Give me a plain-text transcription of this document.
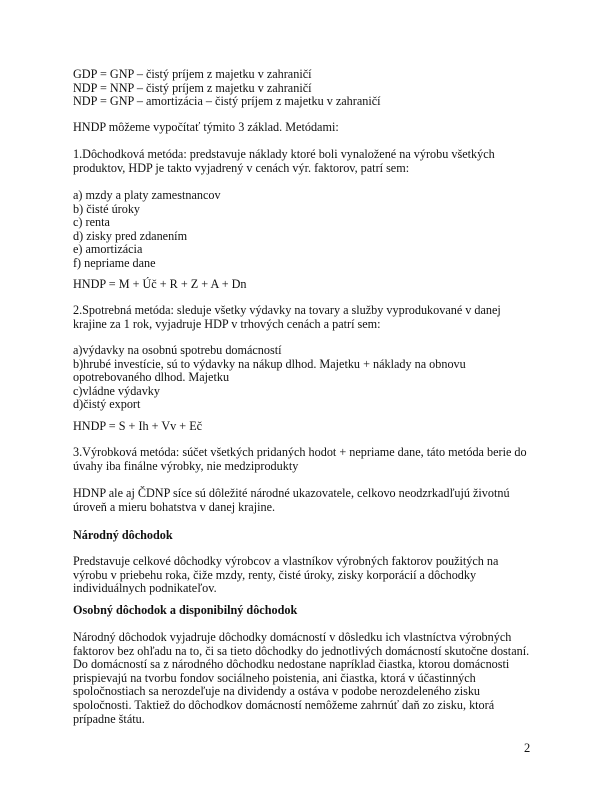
GDP = GNP – čistý príjem z majetku v zahraničí
NDP = NNP – čistý príjem z majetku v zahraničí
NDP = GNP – amortizácia – čistý príjem z majetku v zahraničí

HNDP môžeme vypočítať týmito 3 základ. Metódami:

1.Dôchodková metóda: predstavuje náklady ktoré boli vynaložené na výrobu všetkých
produktov, HDP je takto vyjadrený v cenách výr. faktorov, patrí sem:
a) mzdy a platy zamestnancov
b) čisté úroky
c) renta
d) zisky pred zdanením
e) amortizácia
f) nepriame dane

HNDP = M + Úč + R + Z + A + Dn

2.Spotrebná metóda: sleduje všetky výdavky na tovary a služby vyprodukované v danej
krajine za 1 rok, vyjadruje HDP v trhových cenách a patrí sem:
a)výdavky na osobnú spotrebu domácností
b)hrubé investície, sú to výdavky na nákup dlhod. Majetku + náklady na obnovu
opotrebovaného dlhod. Majetku
c)vládne výdavky
d)čistý export

HNDP = S + Ih + Vv + Eč

3.Výrobková metóda: súčet všetkých pridaných hodot + nepriame dane, táto metóda berie do
úvahy iba finálne výrobky, nie medziprodukty
HDNP ale aj ČDNP síce sú dôležité národné ukazovatele, celkovo neodzrkadľujú životnú
úroveň a mieru bohatstva v danej krajine.

Národný dôchodok

Predstavuje celkové dôchodky výrobcov a vlastníkov výrobných faktorov použitých na
výrobu v priebehu roka, čiže mzdy, renty, čisté úroky, zisky korporácií a dôchodky
individuálnych podnikateľov.

Osobný dôchodok a disponibilný dôchodok

Národný dôchodok vyjadruje dôchodky domácností v dôsledku ich vlastníctva výrobných
faktorov bez ohľadu na to, či sa tieto dôchodky do jednotlivých domácností skutočne dostaní.
Do domácností sa z národného dôchodku nedostane napríklad čiastka, ktorou domácnosti
prispievajú na tvorbu fondov sociálneho poistenia, ani čiastka, ktorá v účastinných
spoločnostiach sa nerozdeľuje na dividendy a ostáva v podobe nerozdeleného zisku
spoločnosti. Taktiež do dôchodkov domácností nemôžeme zahrnúť daň zo zisku, ktorá
prípadne štátu.
2
